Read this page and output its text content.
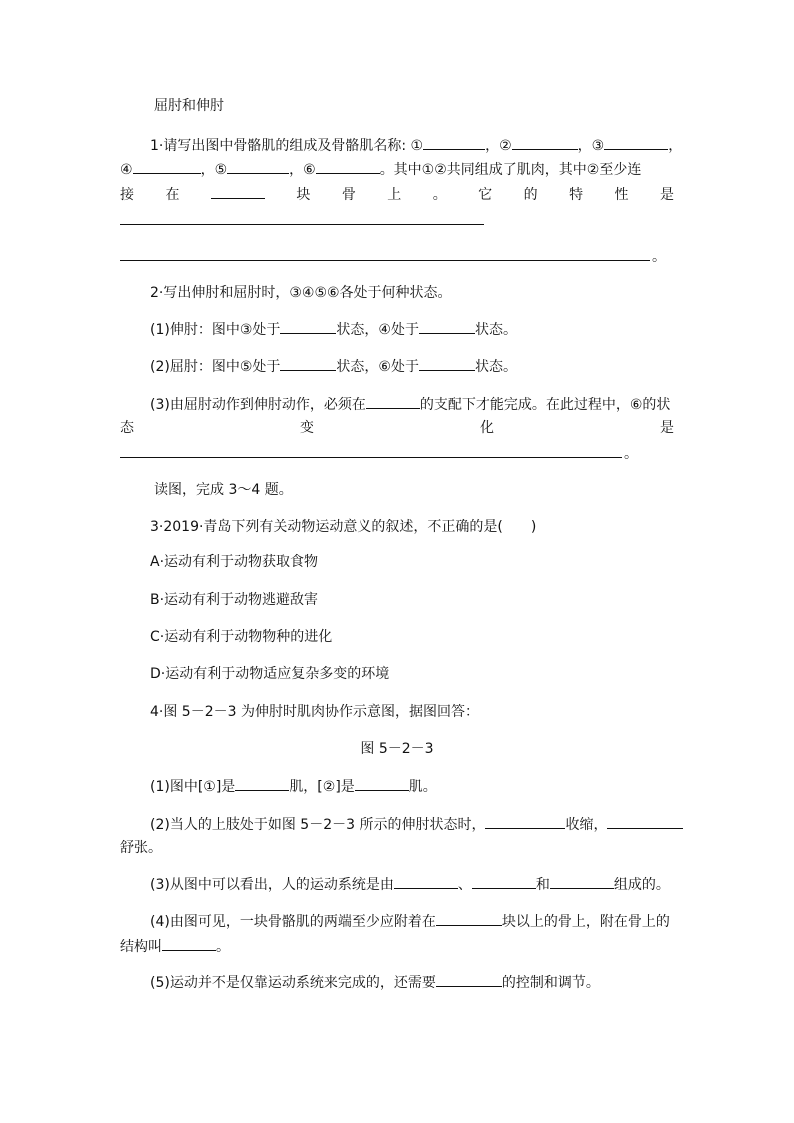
屈肘和伸肘
1·请写出图中骨骼肌的组成及骨骼肌名称: ①	，②	，③	，
④	，⑤	，⑥	。其中①②共同组成了肌肉，其中②至少连
接 在	块 骨 上 。 它 的 特 性 是
。
2·写出伸肘和屈肘时，③④⑤⑥各处于何种状态。
(1)伸肘：图中③处于	状态，④处于	状态。
(2)屈肘：图中⑤处于	状态，⑥处于	状态。
(3)由屈肘动作到伸肘动作，必须在	的支配下才能完成。在此过程中，⑥的状
态	变	化	是
。
读图，完成 3～4 题。
3·2019·青岛下列有关动物运动意义的叙述，不正确的是(　　)
A·运动有利于动物获取食物
B·运动有利于动物逃避敌害
C·运动有利于动物物种的进化
D·运动有利于动物适应复杂多变的环境
4·图 5－2－3 为伸肘时肌肉协作示意图，据图回答：
图 5－2－3
(1)图中[①]是	肌，[②]是	肌。
(2)当人的上肢处于如图 5－2－3 所示的伸肘状态时，	收缩，
舒张。
(3)从图中可以看出，人的运动系统是由	、	和	组成的。
(4)由图可见，一块骨骼肌的两端至少应附着在	块以上的骨上，附在骨上的
结构叫	。
(5)运动并不是仅靠运动系统来完成的，还需要	的控制和调节。
